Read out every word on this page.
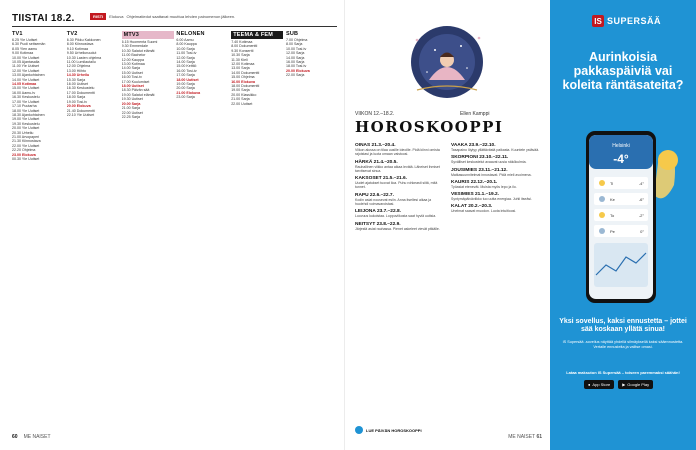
TIISTAI 18.2.	RISTI	Elokuva Ohjelmatiedot saattavat muuttua lehden painomenon jälkeen.
TV1
6.25 Yle Uutiset
6.30 Puoli seitsemän
8.05 Ylen aamu
9.00 Kotimaa
10.00 Yle Uutiset
10.05 Ajantasalla
11.00 Yle Uutiset
12.00 Yle Uutiset
13.00 Ajankohtainen
14.00 Yle Uutiset
14.05 Kotimaa
15.00 Yle Uutiset
16.00 Aamu-tv
16.30 Keskustelu
17.00 Yle Uutiset
17.10 Puutarha
18.00 Yle Uutiset
18.30 Ajankohtainen
19.00 Yle Uutiset
19.30 Keskustelu
20.00 Yle Uutiset
20.30 Urheilu
21.00 Arvopaperi
21.30 Kiinnostava
22.00 Yle Uutiset
22.20 Ohjelma
23.00 Elokuva
00.30 Yle Uutiset
TV2
6.30 Pikku Kakkonen
8.00 Kiinnostava
9.10 Kotimaa
9.50 Urheiluruudut
10.30 Lasten ohjelma
11.00 Lumilautailu
12.00 Ohjelma
13.00 Hiihto
14.30 Urheilu
15.30 Sarja
16.00 Uutiset
16.30 Keskustelu
17.00 Dokumentti
18.00 Sarja
19.00 Tosi-tv
20.00 Elokuva
21.40 Dokumentti
22.10 Yle Uutiset
MTV3
6.15 Huomenta Suomi
9.30 Emmerdale
10.30 Salatut elämät
11.00 Bachelor
12.00 Kauppa
13.00 Kotimaa
14.00 Sarja
15.00 Uutiset
16.00 Tosi-tv
17.00 Kuulumiset
18.00 Uutiset
18.30 Päivän sää
19.00 Salatut elämät
19.30 Uutiset
20.00 Sarja
21.00 Sarja
22.00 Uutiset
22.25 Sarja
NELONEN
6.00 Aamu
8.00 Kauppa
10.00 Sarja
11.00 Tosi-tv
12.00 Sarja
14.00 Sarja
15.00 Keittiö
16.00 Tosi-tv
17.00 Sarja
18.00 Uutiset
19.00 Sarja
20.00 Sarja
21.00 Elokuva
23.00 Sarja
TEEMA & FEM
7.40 Kotimaa
8.00 Dokumentti
9.30 Konsertti
10.30 Sarja
11.30 Kieli
12.00 Kotimaa
13.00 Sarja
14.00 Dokumentti
15.00 Ohjelma
16.00 Elokuva
18.00 Dokumentti
19.00 Sarja
20.00 Klassikko
21.00 Sarja
22.00 Uutiset
SUB
7.00 Ohjelma
8.00 Sarja
10.00 Tosi-tv
12.00 Sarja
14.00 Sarja
16.00 Sarja
18.00 Tosi-tv
20.00 Elokuva
22.00 Sarja
60 ME NAISET
VIIKON 12.–18.2.	Ellen Kamppi
HOROSKOOPPI
OINAS 21.3.–20.4.
Viikon alussa on tilaa uusille ideoille. Pidä kiinni omista rajoistasi ja luota omaan vaistoosi.
HÄRKÄ 21.4.–20.5.
Rauhallinen viikko antaa aikaa levätä. Läheiset ihmiset tarvitsevat sinua.
KAKSOSET 21.5.–21.6.
Uudet ajatukset tuovat iloa. Puhu rohkeasti siitä, mitä tunnet.
RAPU 22.6.–22.7.
Kodin asiat nousevat esiin. Anna itsellesi aikaa ja huolehdi voimavaroistasi.
LEIJONA 23.7.–22.8.
Luovuus kukoistaa. Loppuviikosta saat hyviä uutisia.
NEITSYT 23.8.–22.9.
Järjestä asiat rauhassa. Pienet askeleet vievät pitkälle.
VAAKA 23.9.–22.10.
Tasapaino löytyy yllättävästä paikasta. Kuuntele ystävää.
SKORPIONI 23.10.–22.11.
Syvälliset keskustelut avaavat uusia näkökulmia.
JOUSIMIES 23.11.–21.12.
Matkasuunnitelmat innostavat. Pidä mieli avoimena.
KAURIS 22.12.–20.1.
Työasiat etenevät. Muista myös lepo ja ilo.
VESIMIES 21.1.–19.2.
Syntymäpäiväviikko tuo uutta energiaa. Juhli itseäsi.
KALAT 20.2.–20.3.
Unelmat saavat muodon. Luota intuitioosi.
LUE PÄIVÄN HOROSKOOPPI
ME NAISET 61
IS SUPERSÄÄ
Aurinkoisia pakkaspäiviä vai koleita räntäsateita?
Helsinki
-4°
Ti
Ke
To
Pe
-4°
-6°
-2°
0°
Yksi sovellus, kaksi ennustetta – jottei sää koskaan yllätä sinua!
IS Supersää -sovellus näyttää yhdellä silmäyksellä kaksi sääennustetta. Vertaile ennusteita ja valitse omasi.
Lataa maksuton IS Supersää – toiseen paremmaksi säähän!
● App Store	▶ Google Play
